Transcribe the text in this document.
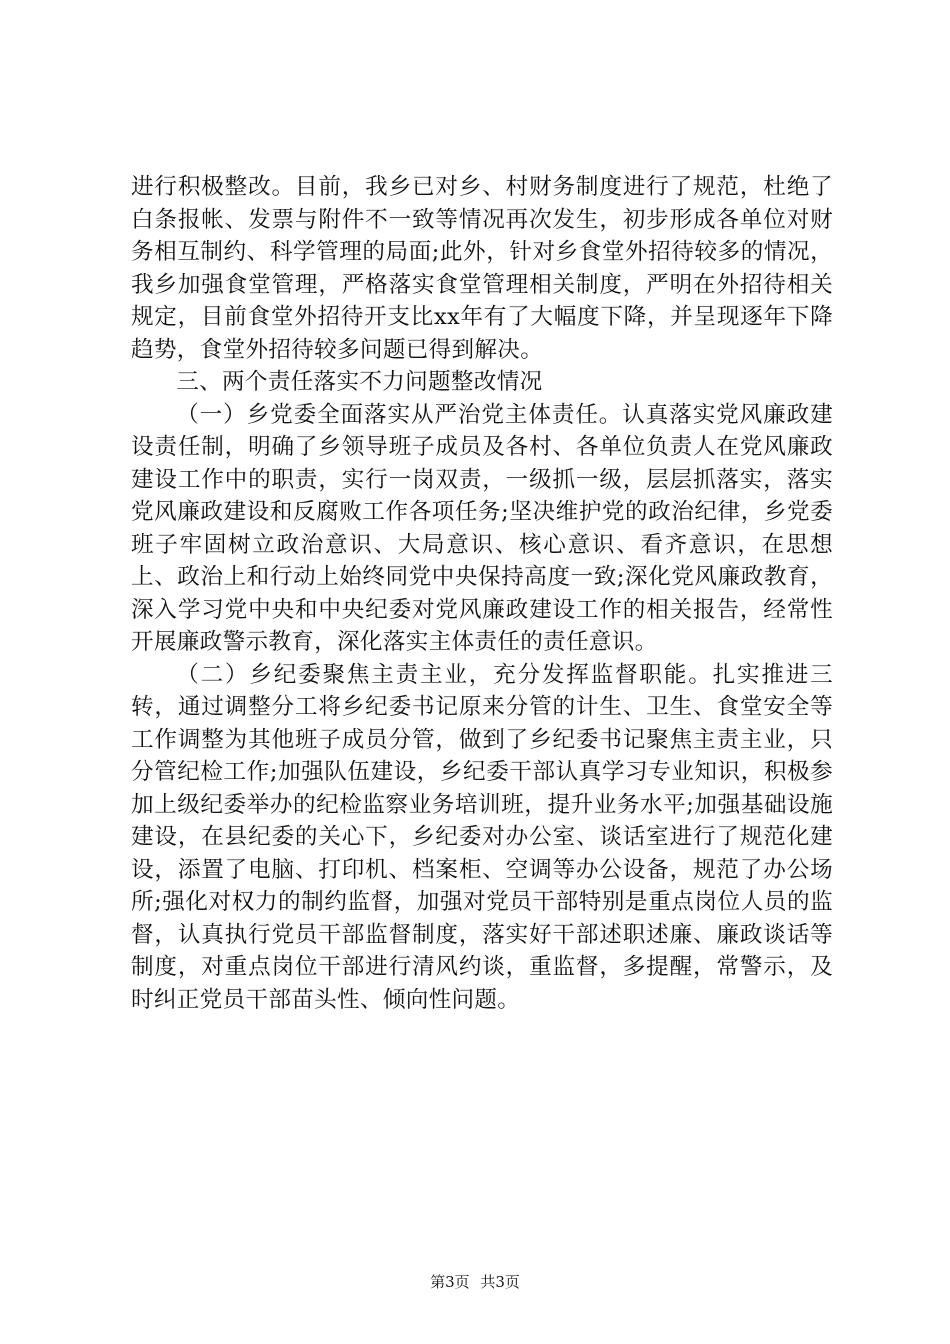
进行积极整改。目前，我乡已对乡、村财务制度进行了规范，杜绝了白条报帐、发票与附件不一致等情况再次发生，初步形成各单位对财务相互制约、科学管理的局面;此外，针对乡食堂外招待较多的情况，我乡加强食堂管理，严格落实食堂管理相关制度，严明在外招待相关规定，目前食堂外招待开支比xx年有了大幅度下降，并呈现逐年下降趋势，食堂外招待较多问题已得到解决。

三、两个责任落实不力问题整改情况

（一）乡党委全面落实从严治党主体责任。认真落实党风廉政建设责任制，明确了乡领导班子成员及各村、各单位负责人在党风廉政建设工作中的职责，实行一岗双责，一级抓一级，层层抓落实，落实党风廉政建设和反腐败工作各项任务;坚决维护党的政治纪律，乡党委班子牢固树立政治意识、大局意识、核心意识、看齐意识，在思想上、政治上和行动上始终同党中央保持高度一致;深化党风廉政教育，深入学习党中央和中央纪委对党风廉政建设工作的相关报告，经常性开展廉政警示教育，深化落实主体责任的责任意识。

（二）乡纪委聚焦主责主业，充分发挥监督职能。扎实推进三转，通过调整分工将乡纪委书记原来分管的计生、卫生、食堂安全等工作调整为其他班子成员分管，做到了乡纪委书记聚焦主责主业，只分管纪检工作;加强队伍建设，乡纪委干部认真学习专业知识，积极参加上级纪委举办的纪检监察业务培训班，提升业务水平;加强基础设施建设，在县纪委的关心下，乡纪委对办公室、谈话室进行了规范化建设，添置了电脑、打印机、档案柜、空调等办公设备，规范了办公场所;强化对权力的制约监督，加强对党员干部特别是重点岗位人员的监督，认真执行党员干部监督制度，落实好干部述职述廉、廉政谈话等制度，对重点岗位干部进行清风约谈，重监督，多提醒，常警示，及时纠正党员干部苗头性、倾向性问题。

第3页 共3页
